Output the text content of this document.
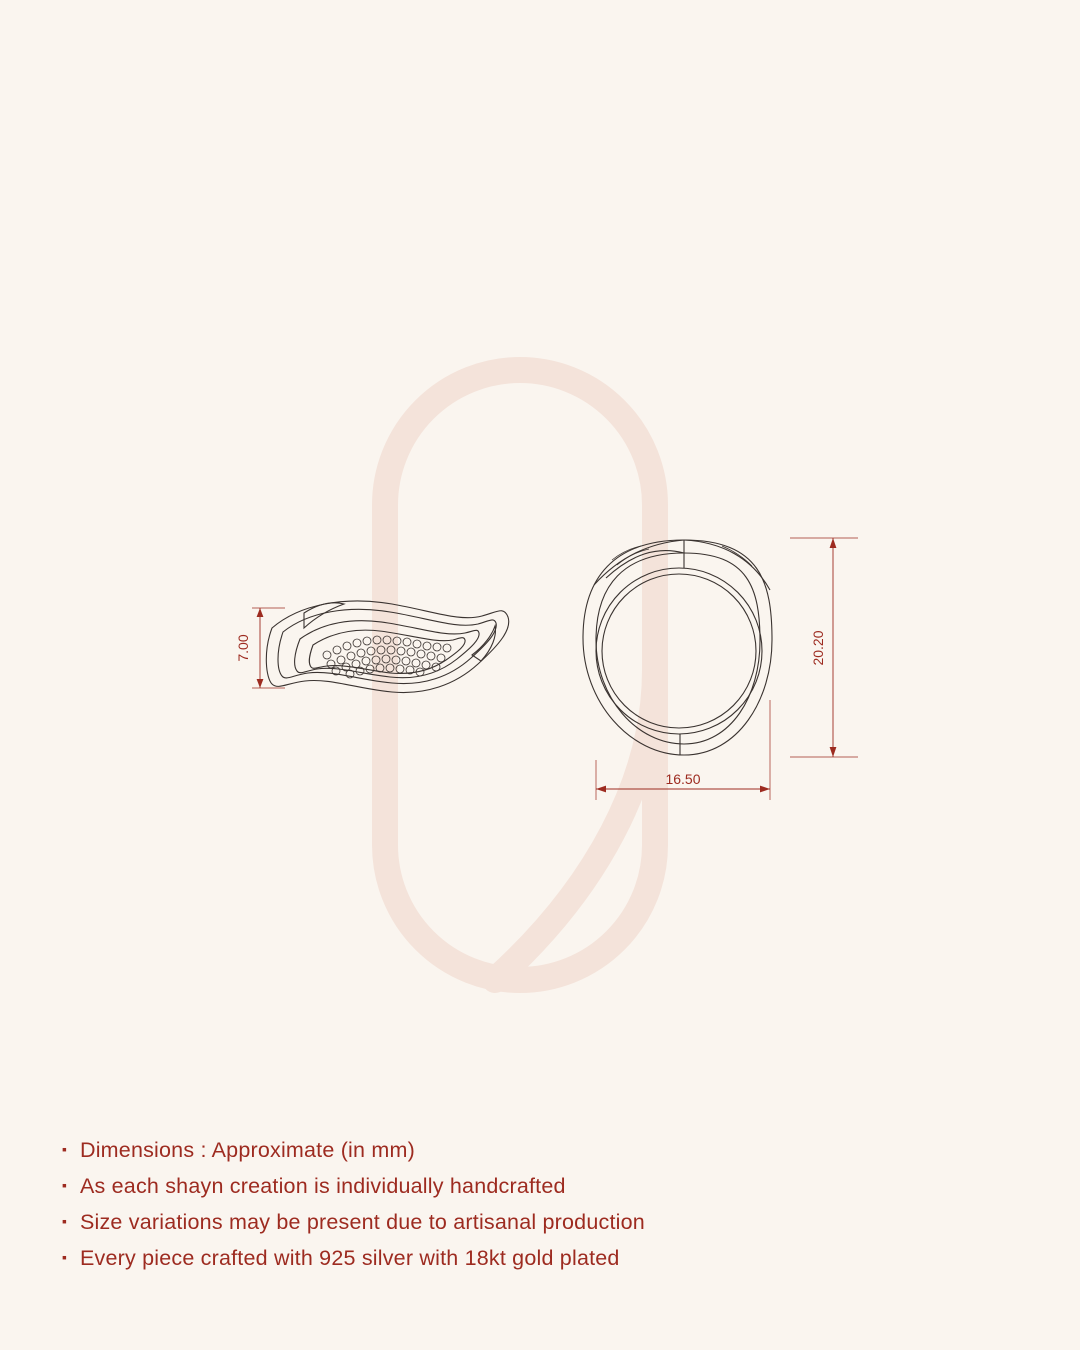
7.00	20.20
16.50
▪ Dimensions : Approximate (in mm)
▪ As each shayn creation is individually handcrafted
▪ Size variations may be present due to artisanal production
▪ Every piece crafted with 925 silver with 18kt gold plated
